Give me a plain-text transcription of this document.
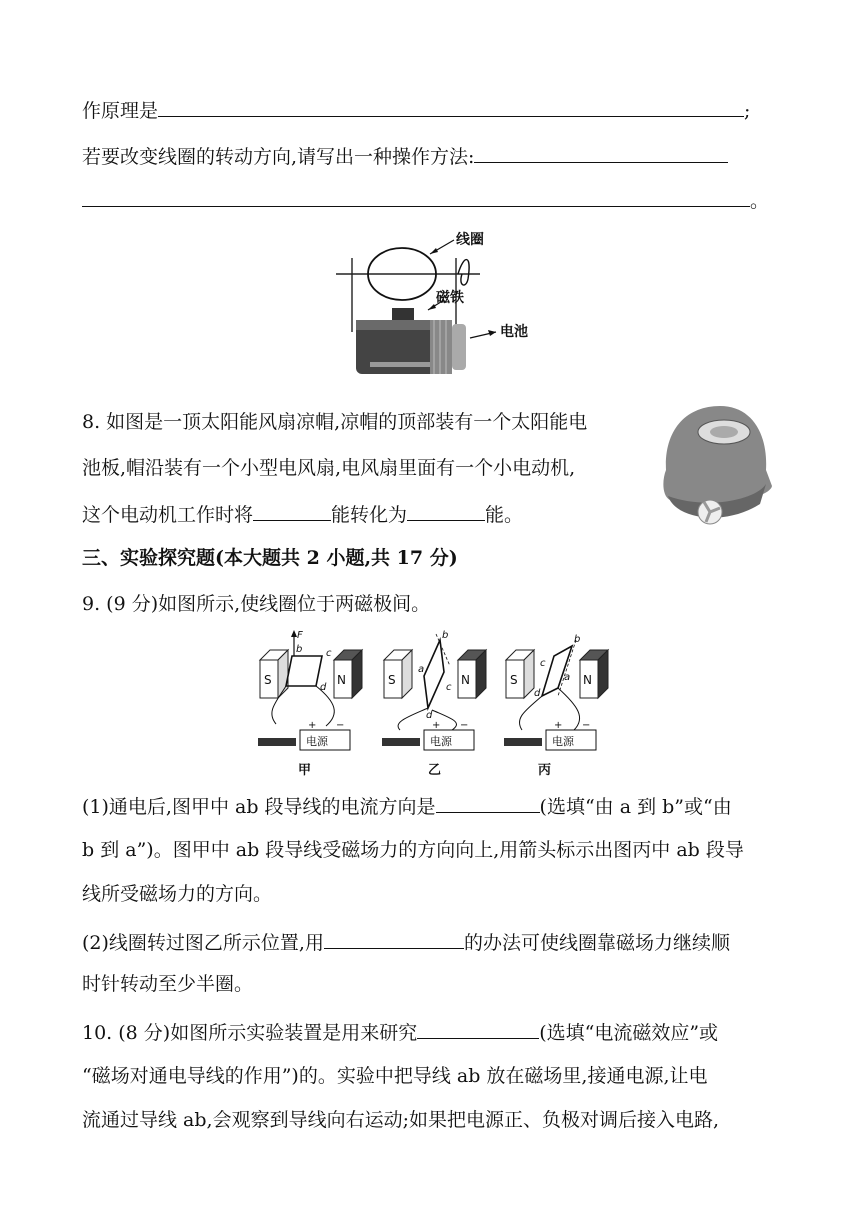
作原理是	;
若要改变线圈的转动方向,请写出一种操作方法:
。
线圈
磁铁
电池
8. 如图是一顶太阳能风扇凉帽,凉帽的顶部装有一个太阳能电
池板,帽沿装有一个小型电风扇,电风扇里面有一个小电动机,
这个电动机工作时将	能转化为	能。
三、实验探究题(本大题共 2 小题,共 17 分)
9. (9 分)如图所示,使线圈位于两磁极间。
S	N
F
b c
d
电源
+ −
甲
S	N
b
a
c
d
电源
+ −
乙
S	N
b
c
a
d
电源
+ −
丙
(1)通电后,图甲中 ab 段导线的电流方向是	(选填“由 a 到 b”或“由
b 到 a”)。图甲中 ab 段导线受磁场力的方向向上,用箭头标示出图丙中 ab 段导
线所受磁场力的方向。
(2)线圈转过图乙所示位置,用	的办法可使线圈靠磁场力继续顺
时针转动至少半圈。
10. (8 分)如图所示实验装置是用来研究	(选填“电流磁效应”或
“磁场对通电导线的作用”)的。实验中把导线 ab 放在磁场里,接通电源,让电
流通过导线 ab,会观察到导线向右运动;如果把电源正、负极对调后接入电路,
